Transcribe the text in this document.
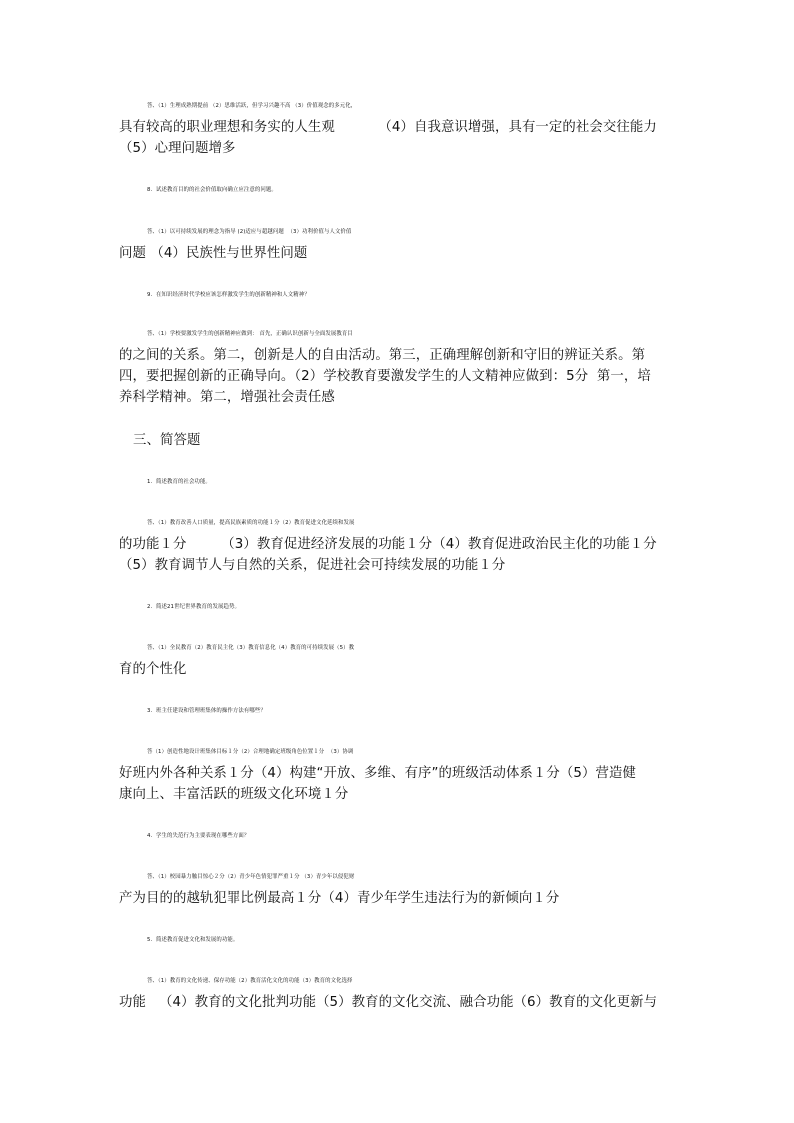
答、（1）生理成熟期提前 （2）思维活跃，但学习兴趣不高 （3）价值观念的多元化，
具有较高的职业理想和务实的人生观          （4）自我意识增强，具有一定的社会交往能力
（5）心理问题增多
8．试述教育目的的社会价值取向确立应注意的问题。
答、（1）以可持续发展的理念为指导 (2)适应与超越问题  （3）功利价值与人文价值
问题 （4）民族性与世界性问题
9．在知识经济时代学校应该怎样激发学生的创新精神和人文精神？
答、（1）学校要激发学生的创新精神应做到： 首先，正确认识创新与全面发展教育目
的之间的关系。第二，创新是人的自由活动。第三，正确理解创新和守旧的辨证关系。第
四，要把握创新的正确导向。（2）学校教育要激发学生的人文精神应做到：5分  第一，培
养科学精神。第二，增强社会责任感
三、简答题
1．简述教育的社会功能。
答、（1）教育改善人口质量，提高民族素质的功能１分（2）教育促进文化延续和发展
的功能１分        （3）教育促进经济发展的功能１分（4）教育促进政治民主化的功能１分
（5）教育调节人与自然的关系，促进社会可持续发展的功能１分
2．简述21世纪世界教育的发展趋势。
答、（1）全民教育（2）教育民主化（3）教育信息化（4）教育的可持续发展（5）教
育的个性化
3．班主任建设和管理班集体的操作方法有哪些？
答（1）创造性地设计班集体目标１分（2）合理地确定班级角色位置１分  （3）协调
好班内外各种关系１分（4）构建“开放、多维、有序”的班级活动体系１分（5）营造健
康向上、丰富活跃的班级文化环境１分
4．学生的失范行为主要表现在哪些方面？
答、（1）校园暴力触目惊心２分（2）青少年色情犯罪严重１分 （3）青少年以侵犯财
产为目的的越轨犯罪比例最高１分（4）青少年学生违法行为的新倾向１分
5．简述教育促进文化和发展的功能。
答、（1）教育的文化传递、保存功能（2）教育活化文化的功能（3）教育的文化选择
功能   （4）教育的文化批判功能（5）教育的文化交流、融合功能（6）教育的文化更新与
